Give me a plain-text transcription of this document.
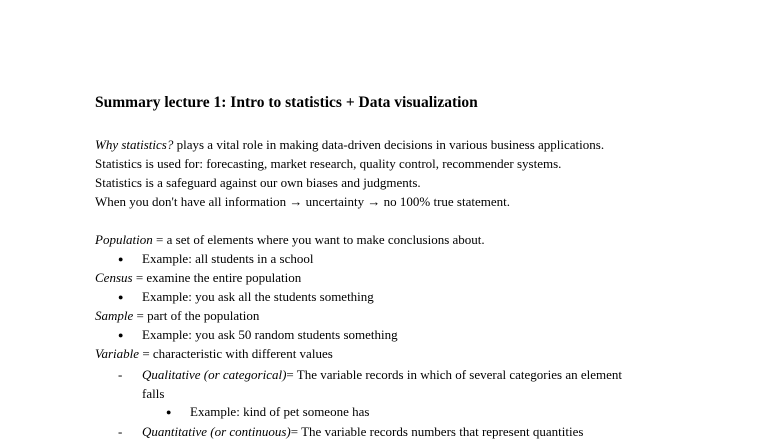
Summary lecture 1: Intro to statistics + Data visualization
Why statistics? plays a vital role in making data-driven decisions in various business applications.
Statistics is used for: forecasting, market research, quality control, recommender systems.
Statistics is a safeguard against our own biases and judgments.
When you don't have all information → uncertainty → no 100% true statement.
Population = a set of elements where you want to make conclusions about.
● Example: all students in a school
Census = examine the entire population
● Example: you ask all the students something
Sample = part of the population
● Example: you ask 50 random students something
Variable = characteristic with different values
- Qualitative (or categorical)= The variable records in which of several categories an element
falls
● Example: kind of pet someone has
- Quantitative (or continuous)= The variable records numbers that represent quantities
